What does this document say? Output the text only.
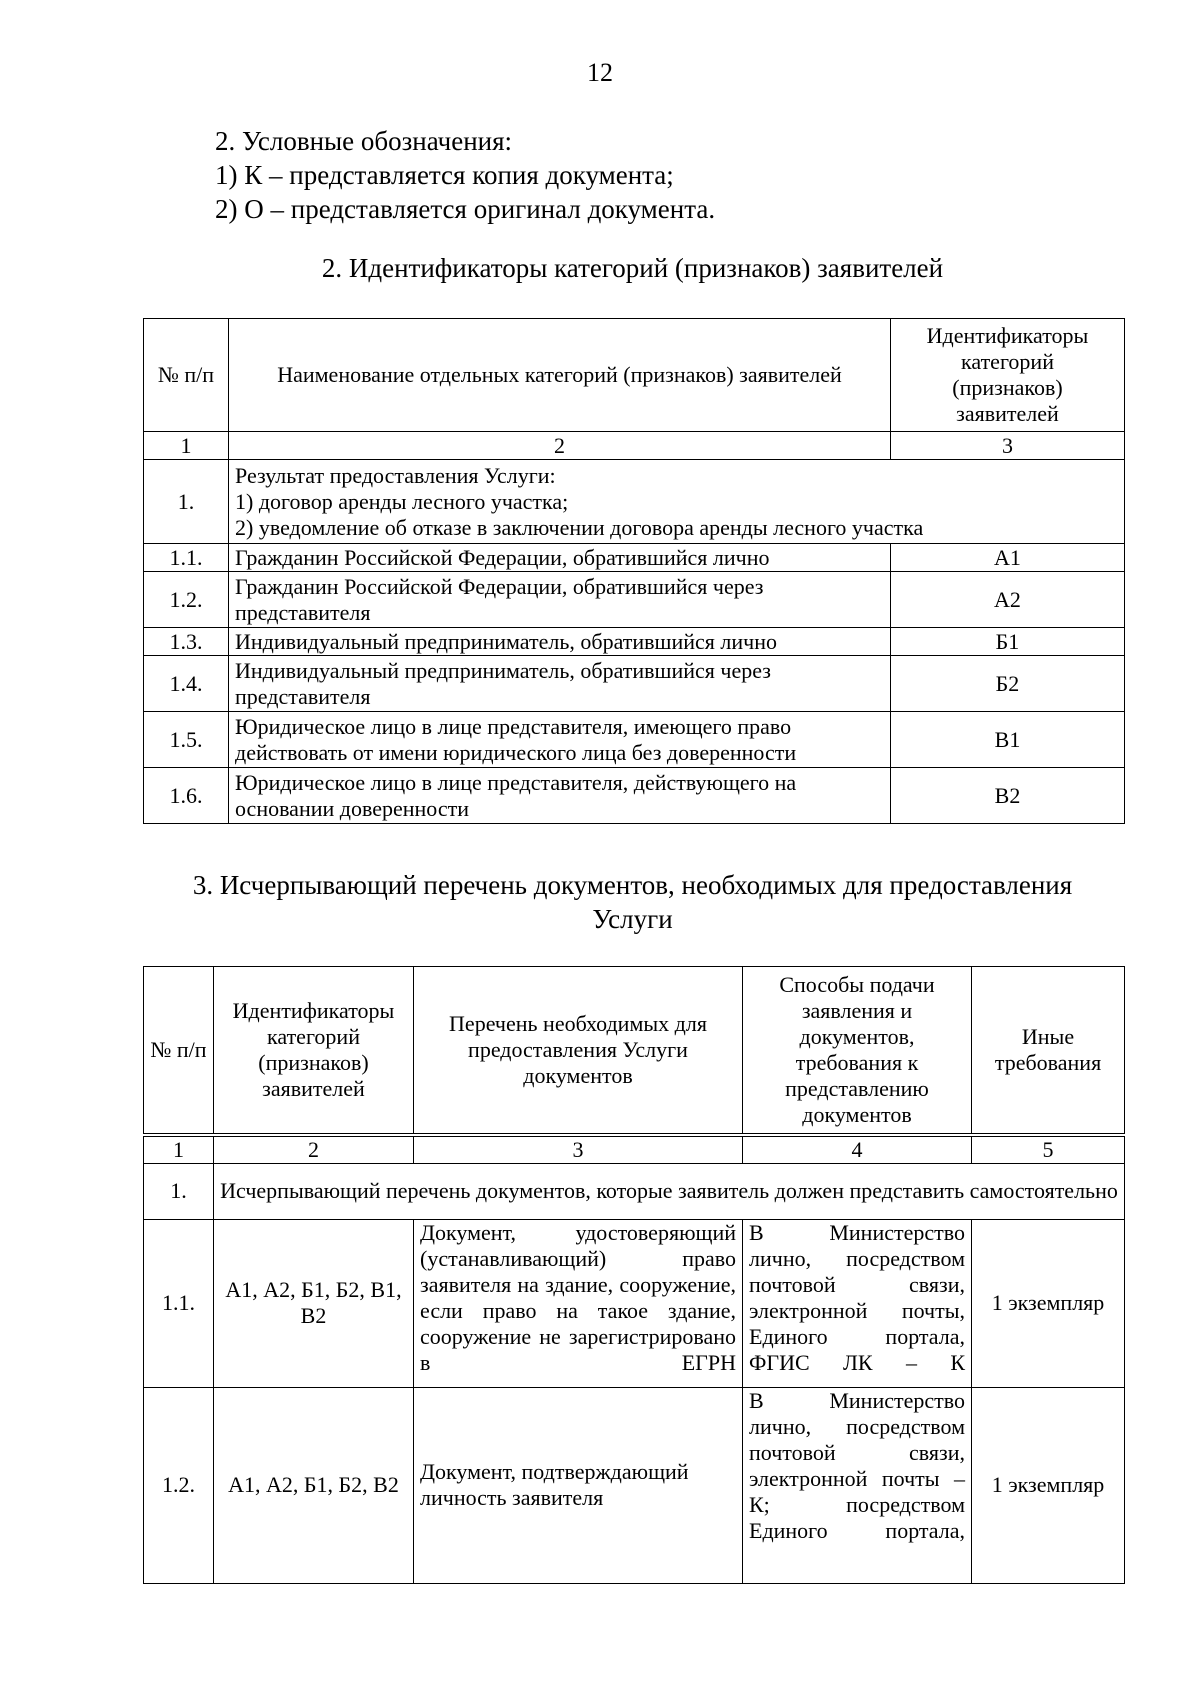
12
2. Условные обозначения:
1) К – представляется копия документа;
2) О – представляется оригинал документа.
2. Идентификаторы категорий (признаков) заявителей
№ п/п	Наименование отдельных категорий (признаков) заявителей	Идентификаторы
категорий
(признаков)
заявителей

1	2	3
1.	Результат предоставления Услуги:
1) договор аренды лесного участка;
2) уведомление об отказе в заключении договора аренды лесного участка	

1.1.	Гражданин Российской Федерации, обратившийся лично	А1
1.2.	Гражданин Российской Федерации, обратившийся через представителя	А2
1.3.	Индивидуальный предприниматель, обратившийся лично	Б1
1.4.	Индивидуальный предприниматель, обратившийся через представителя	Б2
1.5.	Юридическое лицо в лице представителя, имеющего право действовать от имени юридического лица без доверенности	В1
1.6.	Юридическое лицо в лице представителя, действующего на основании доверенности	В2
3. Исчерпывающий перечень документов, необходимых для предоставления
Услуги
№ п/п	Идентификаторы категорий (признаков) заявителей	Перечень необходимых для предоставления Услуги документов	Способы подачи заявления и документов, требования к представлению документов	Иные требования
1	2	3	4	5
1.	Исчерпывающий перечень документов, которые заявитель должен представить самостоятельно			
1.1.	А1, А2, Б1, Б2, В1, В2	Документ, удостоверяющий (устанавливающий) право заявителя на здание, сооружение, если право на такое здание, сооружение не зарегистрировано в ЕГРН	В Министерство лично, посредством почтовой связи, электронной почты, Единого портала, ФГИС ЛК – К	1 экземпляр
1.2.	А1, А2, Б1, Б2, В2	Документ, подтверждающий личность заявителя	В Министерство лично, посредством почтовой связи, электронной почты – К; посредством Единого портала,	1 экземпляр
